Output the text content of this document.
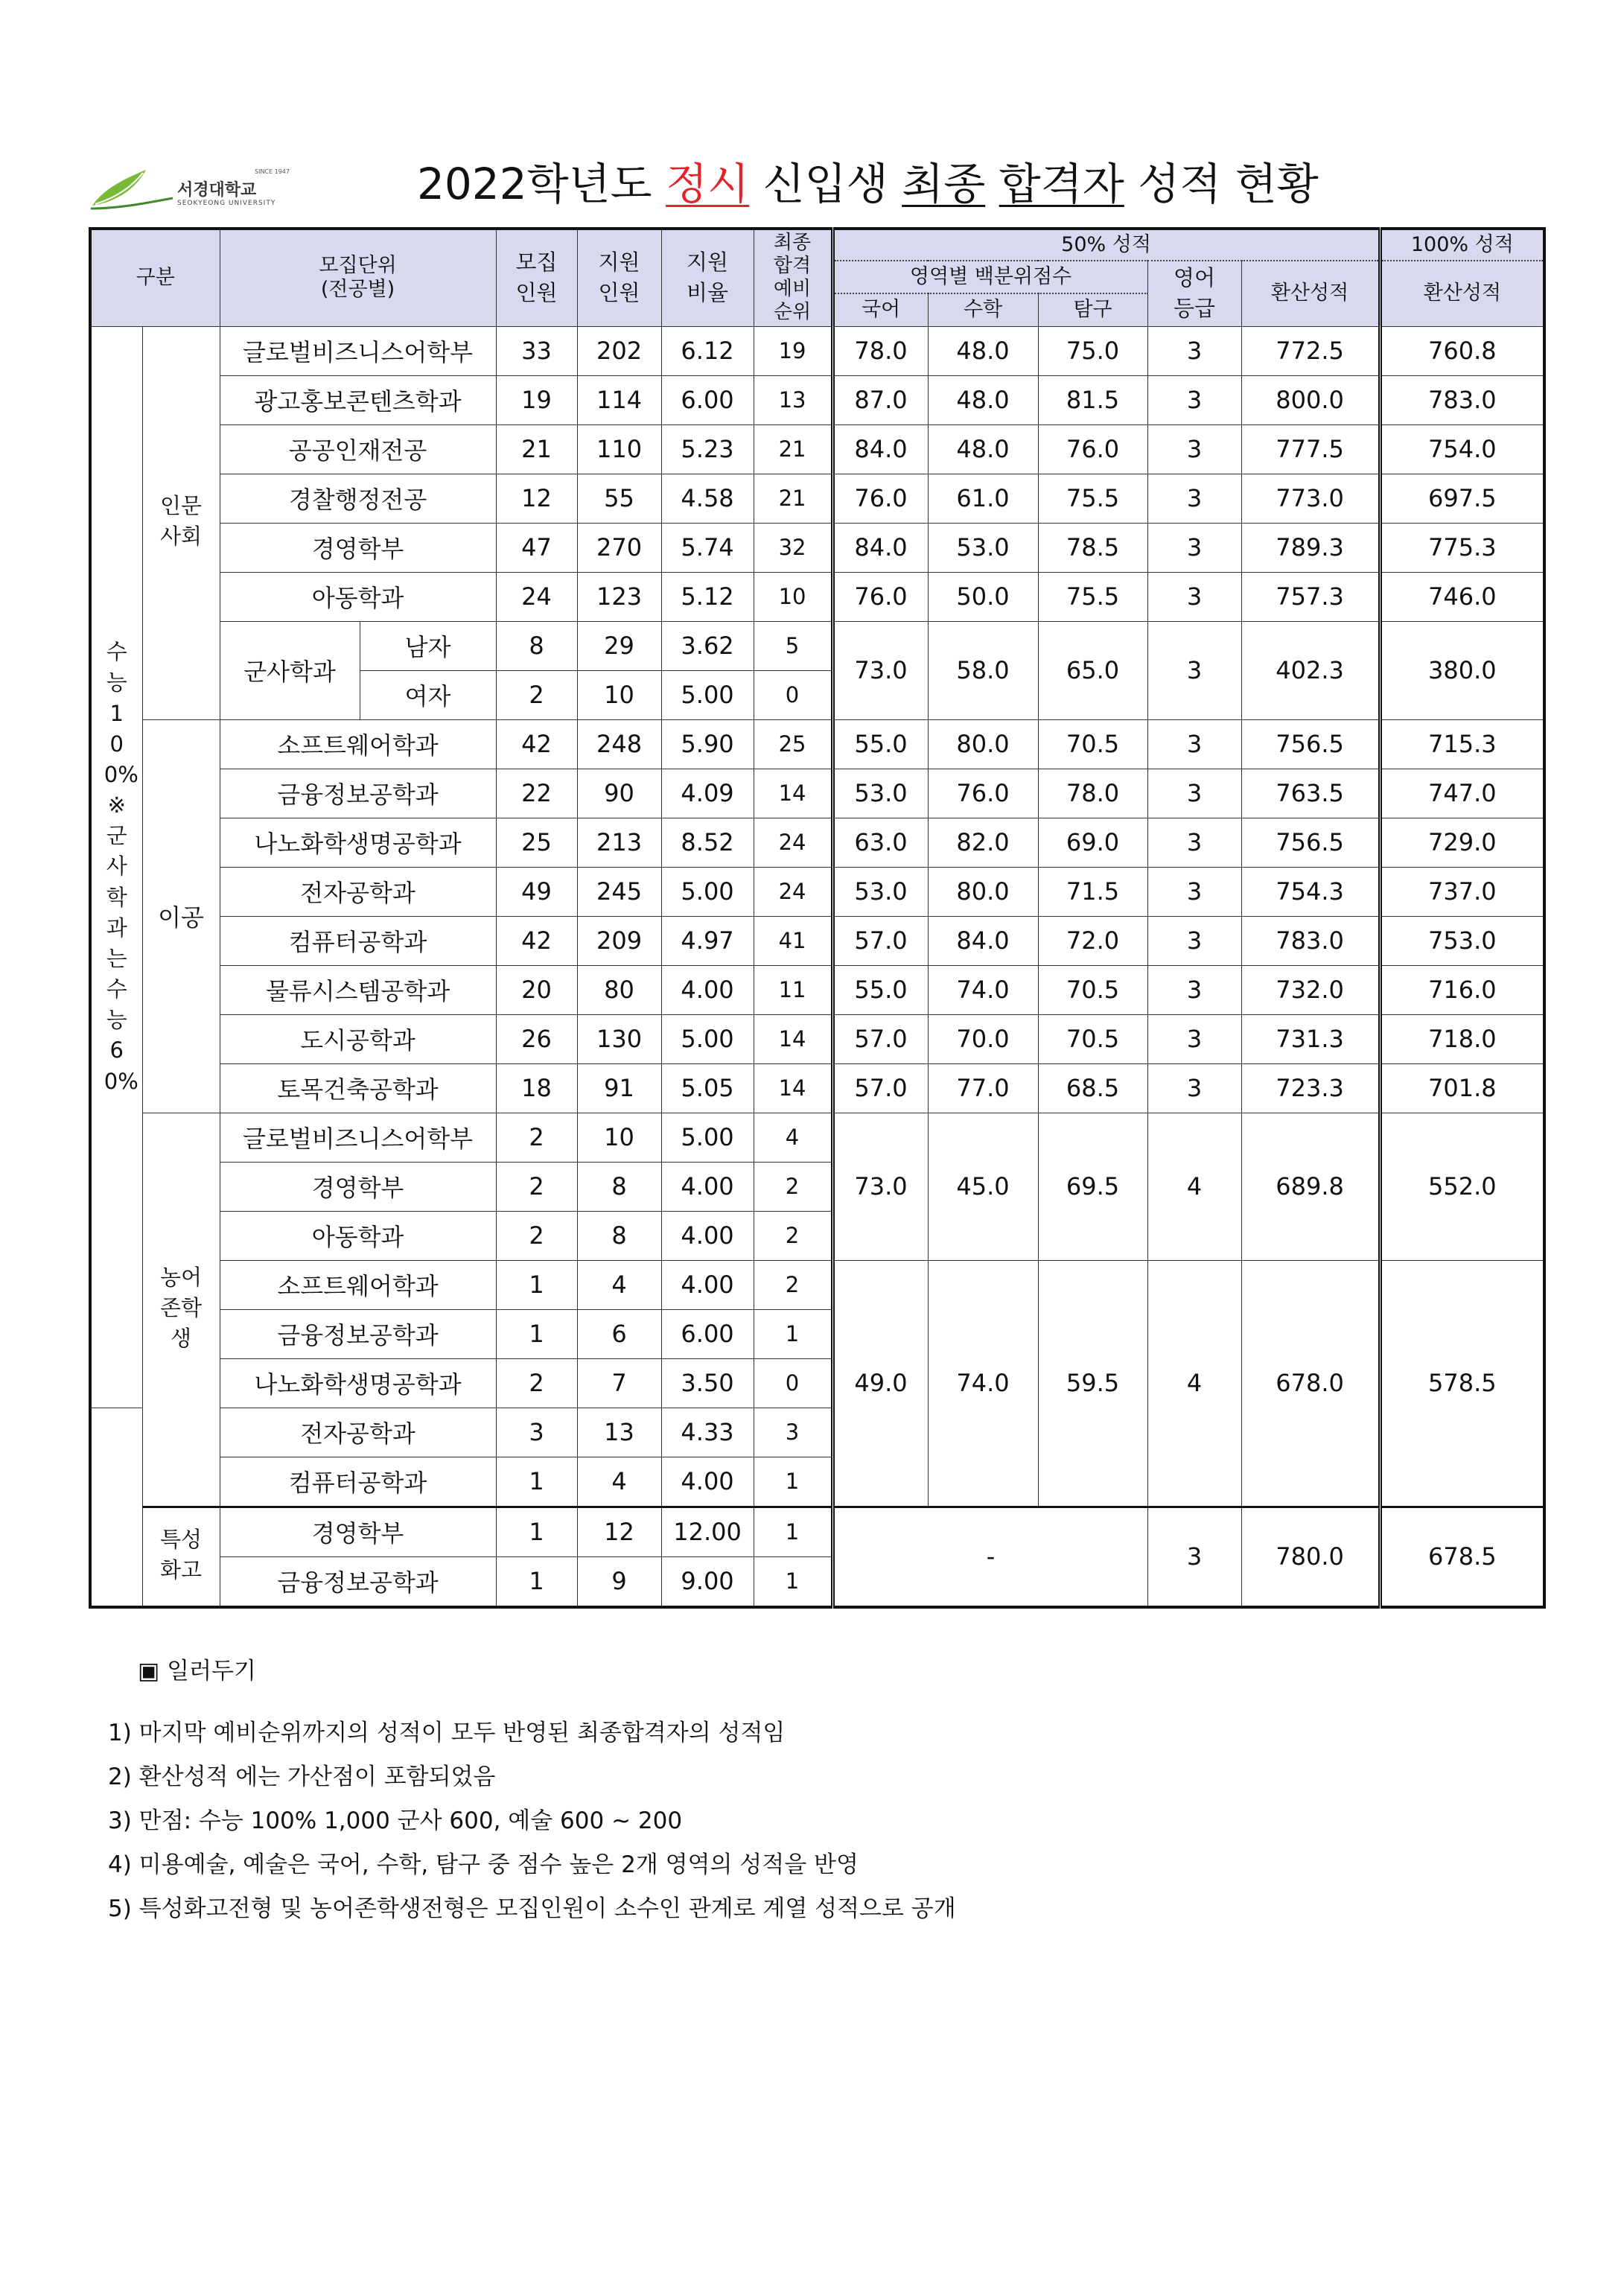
SINCE 1947
서경대학교
SEOKYEONG UNIVERSITY	2022학년도 정시 신입생 최종 합격자 성적 현황
구분		모집단위
(전공별)		모집 인원	지원 인원	지원 비율	최종 합격 예비 순위	50% 성적					100% 성적
								영역별 백분위점수			영어 등급	환산성적	환산성적
								국어	수학	탐구			
수능 100% ※ 군사학과는 수능 60%	인문 사회	글로벌비즈니스어학부		33	202	6.12	19	78.0	48.0	75.0	3	772.5	760.8
		광고홍보콘텐츠학과		19	114	6.00	13	87.0	48.0	81.5	3	800.0	783.0
		공공인재전공		21	110	5.23	21	84.0	48.0	76.0	3	777.5	754.0
		경찰행정전공		12	55	4.58	21	76.0	61.0	75.5	3	773.0	697.5
		경영학부		47	270	5.74	32	84.0	53.0	78.5	3	789.3	775.3
		아동학과		24	123	5.12	10	76.0	50.0	75.5	3	757.3	746.0
		군사학과	남자	8	29	3.62	5	73.0	58.0	65.0	3	402.3	380.0
			여자	2	10	5.00	0						
	이공	소프트웨어학과		42	248	5.90	25	55.0	80.0	70.5	3	756.5	715.3
		금융정보공학과		22	90	4.09	14	53.0	76.0	78.0	3	763.5	747.0
		나노화학생명공학과		25	213	8.52	24	63.0	82.0	69.0	3	756.5	729.0
		전자공학과		49	245	5.00	24	53.0	80.0	71.5	3	754.3	737.0
		컴퓨터공학과		42	209	4.97	41	57.0	84.0	72.0	3	783.0	753.0
		물류시스템공학과		20	80	4.00	11	55.0	74.0	70.5	3	732.0	716.0
		도시공학과		26	130	5.00	14	57.0	70.0	70.5	3	731.3	718.0
		토목건축공학과		18	91	5.05	14	57.0	77.0	68.5	3	723.3	701.8
	농어 존학 생	글로벌비즈니스어학부		2	10	5.00	4	73.0	45.0	69.5	4	689.8	552.0
		경영학부		2	8	4.00	2						
		아동학과		2	8	4.00	2						
		소프트웨어학과		1	4	4.00	2	49.0	74.0	59.5	4	678.0	578.5
		금융정보공학과		1	6	6.00	1						
		나노화학생명공학과		2	7	3.50	0						
		전자공학과		3	13	4.33	3						
		컴퓨터공학과		1	4	4.00	1						
	특성 화고	경영학부		1	12	12.00	1	-			3	780.0	678.5
		금융정보공학과		1	9	9.00	1						
▣ 일러두기
1) 마지막 예비순위까지의 성적이 모두 반영된 최종합격자의 성적임
2) 환산성적 에는 가산점이 포함되었음
3) 만점: 수능 100% 1,000 군사 600, 예술 600 ~ 200
4) 미용예술, 예술은 국어, 수학, 탐구 중 점수 높은 2개 영역의 성적을 반영
5) 특성화고전형 및 농어존학생전형은 모집인원이 소수인 관계로 계열 성적으로 공개
